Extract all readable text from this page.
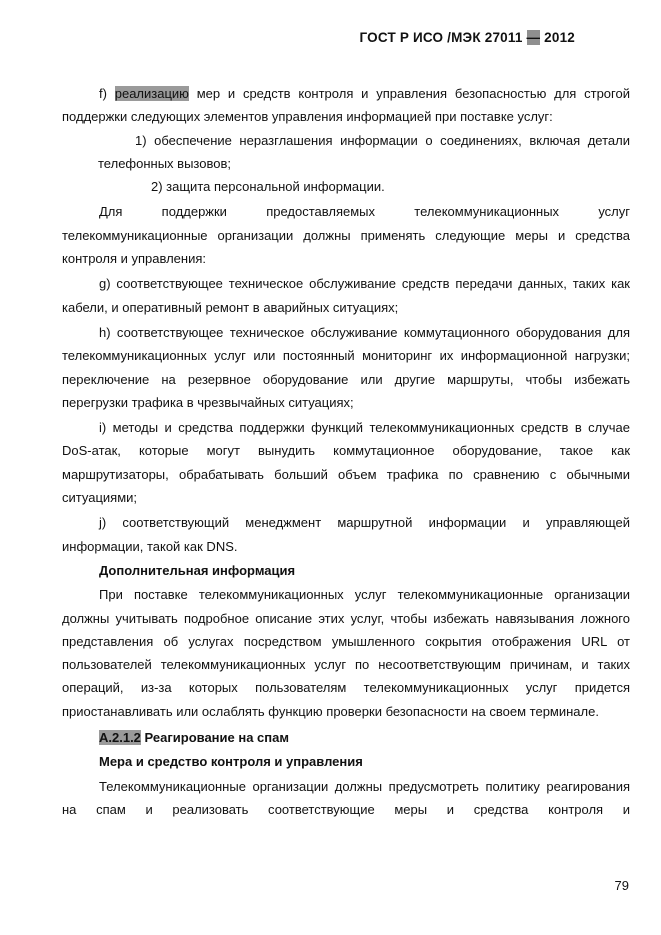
ГОСТ Р ИСО /МЭК 27011 — 2012

f) реализацию мер и средств контроля и управления безопасностью для строгой поддержки следующих элементов управления информацией при поставке услуг:

1) обеспечение неразглашения информации о соединениях, включая детали телефонных вызовов;

2) защита персональной информации.

Для поддержки предоставляемых телекоммуникационных услуг телекоммуникационные организации должны применять следующие меры и средства контроля и управления:

g) соответствующее техническое обслуживание средств передачи данных, таких как кабели, и оперативный ремонт в аварийных ситуациях;

h) соответствующее техническое обслуживание коммутационного оборудования для телекоммуникационных услуг или постоянный мониторинг их информационной нагрузки; переключение на резервное оборудование или другие маршруты, чтобы избежать перегрузки трафика в чрезвычайных ситуациях;

i) методы и средства поддержки функций телекоммуникационных средств в случае DoS-атак, которые могут вынудить коммутационное оборудование, такое как маршрутизаторы, обрабатывать больший объем трафика по сравнению с обычными ситуациями;

j) соответствующий менеджмент маршрутной информации и управляющей информации, такой как DNS.

Дополнительная информация

При поставке телекоммуникационных услуг телекоммуникационные организации должны учитывать подробное описание этих услуг, чтобы избежать навязывания ложного представления об услугах посредством умышленного сокрытия отображения URL от пользователей телекоммуникационных услуг по несоответствующим причинам, и таких операций, из-за которых пользователям телекоммуникационных услуг придется приостанавливать или ослаблять функцию проверки безопасности на своем терминале.

А.2.1.2 Реагирование на спам

Мера и средство контроля и управления

Телекоммуникационные организации должны предусмотреть политику реагирования на спам и реализовать соответствующие меры и средства контроля и

79
